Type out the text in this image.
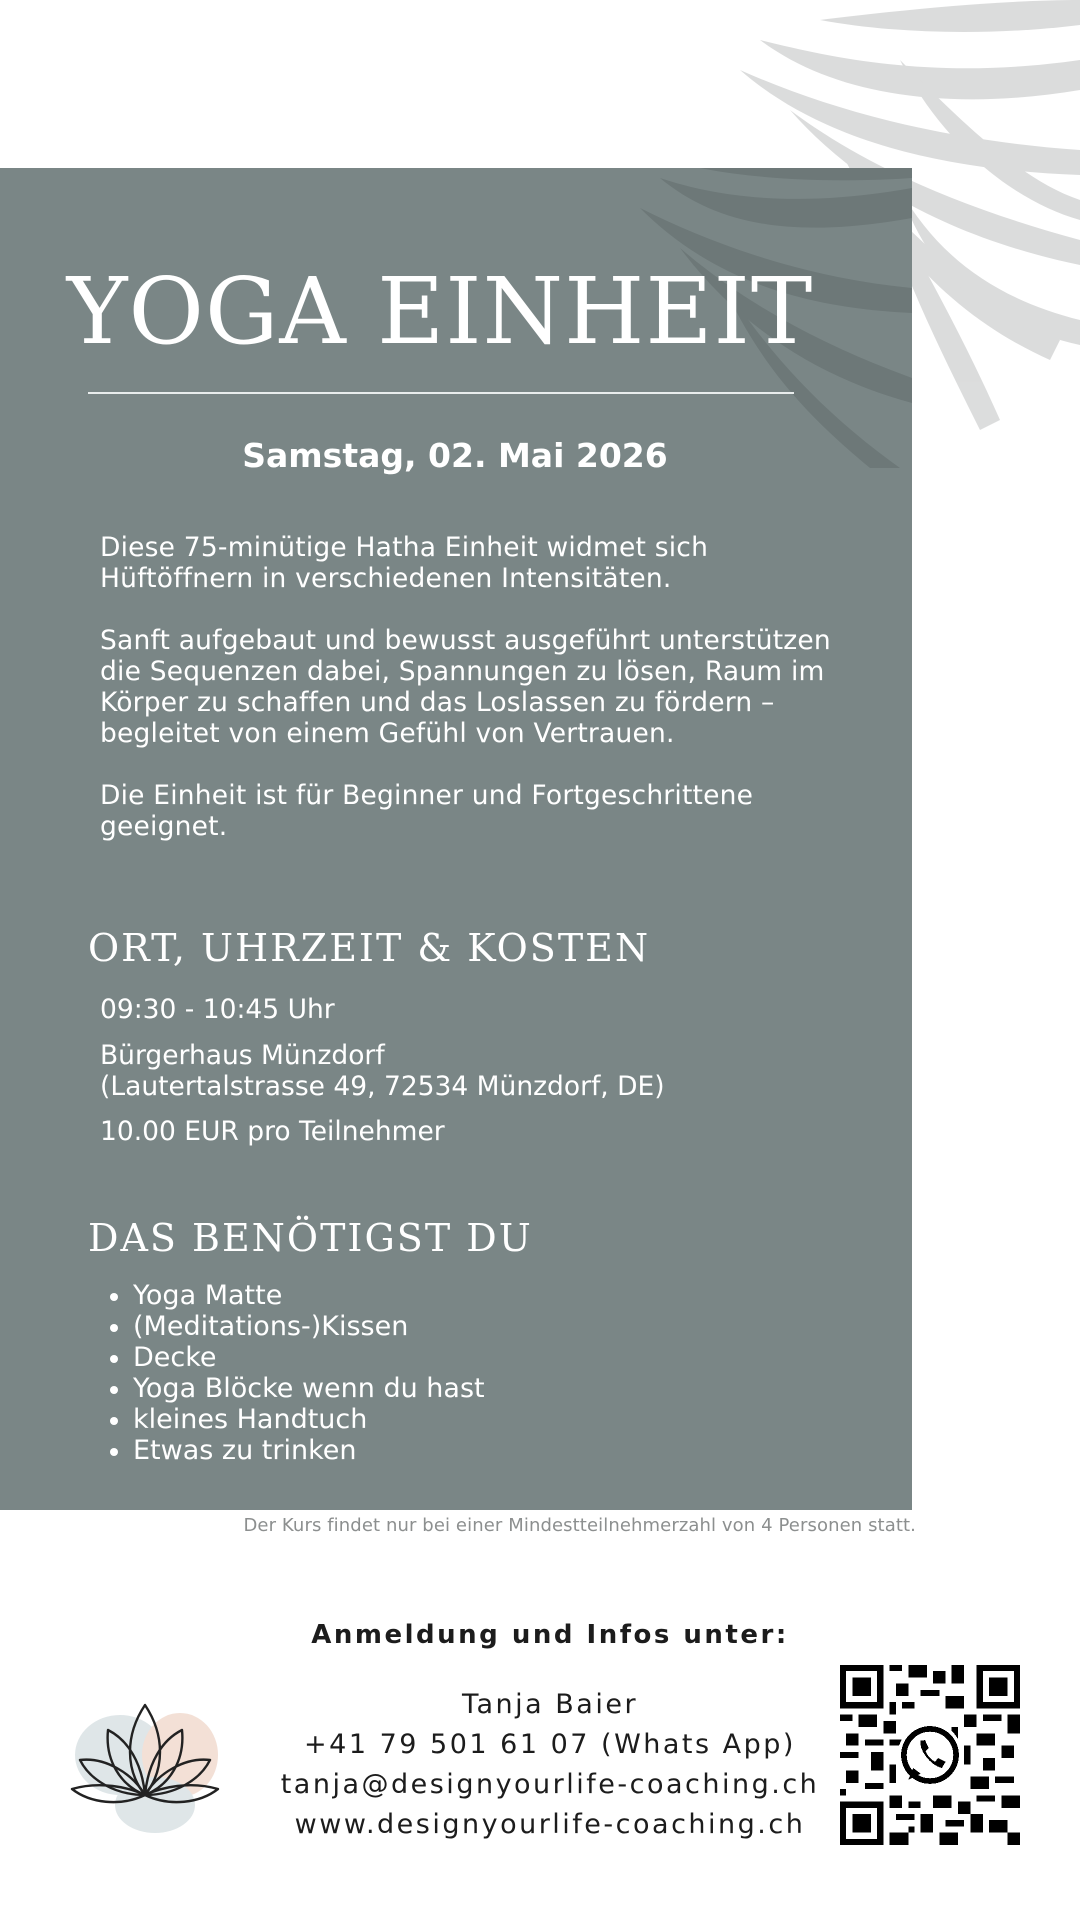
YOGA EINHEIT
Samstag, 02. Mai 2026

Diese 75-minütige Hatha Einheit widmet sich Hüftöffnern in verschiedenen Intensitäten.

Sanft aufgebaut und bewusst ausgeführt unterstützen die Sequenzen dabei, Spannungen zu lösen, Raum im Körper zu schaffen und das Loslassen zu fördern – begleitet von einem Gefühl von Vertrauen.

Die Einheit ist für Beginner und Fortgeschrittene geeignet.

ORT, UHRZEIT & KOSTEN
09:30 - 10:45 Uhr
Bürgerhaus Münzdorf
(Lautertalstrasse 49, 72534 Münzdorf, DE)
10.00 EUR pro Teilnehmer
DAS BENÖTIGST DU
Yoga Matte
(Meditations-)Kissen
Decke
Yoga Blöcke wenn du hast
kleines Handtuch
Etwas zu trinken
Der Kurs findet nur bei einer Mindestteilnehmerzahl von 4 Personen statt.
Anmeldung und Infos unter:
Tanja Baier
+41 79 501 61 07 (Whats App)
tanja@designyourlife-coaching.ch
www.designyourlife-coaching.ch
